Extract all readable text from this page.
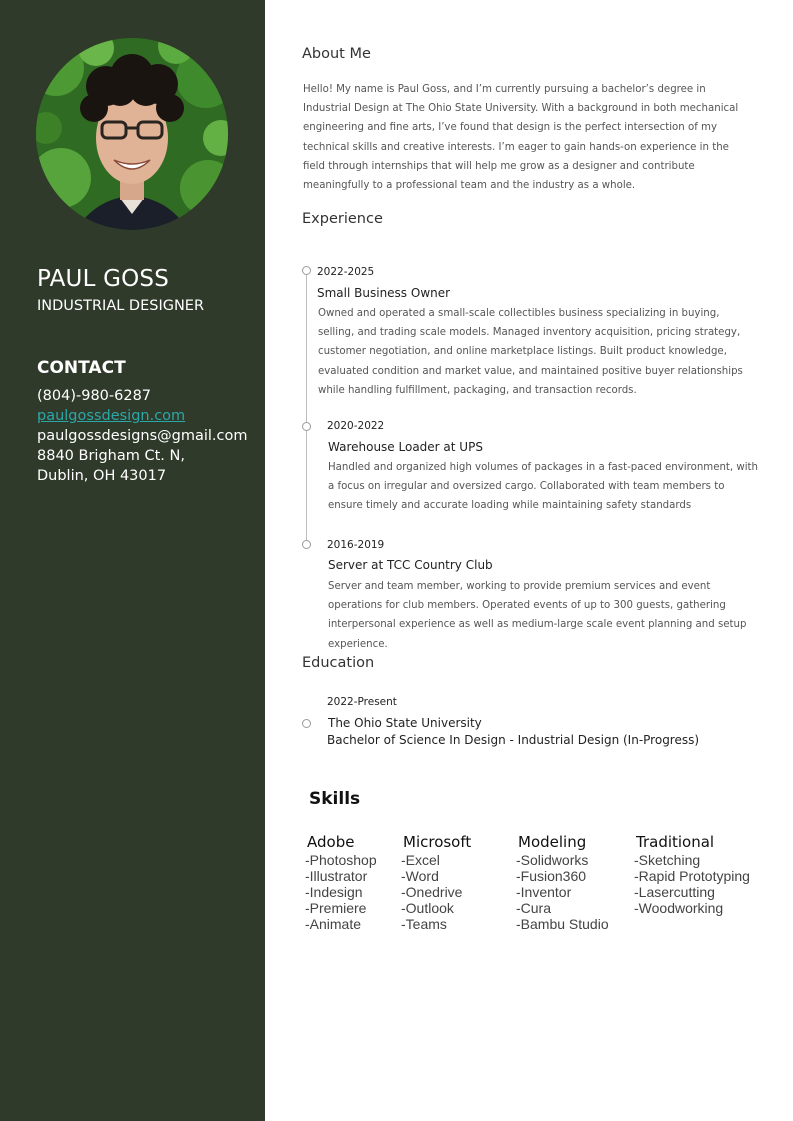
PAUL GOSS
INDUSTRIAL DESIGNER
CONTACT
(804)-980-6287
paulgossdesign.com
paulgossdesigns@gmail.com
8840 Brigham Ct. N,
Dublin, OH 43017
About Me
Hello! My name is Paul Goss, and I’m currently pursuing a bachelor’s degree in Industrial Design at The Ohio State University. With a background in both mechanical engineering and fine arts, I’ve found that design is the perfect intersection of my technical skills and creative interests. I’m eager to gain hands-on experience in the field through internships that will help me grow as a designer and contribute meaningfully to a professional team and the industry as a whole.
Experience
2022-2025
Small Business Owner
Owned and operated a small-scale collectibles business specializing in buying, selling, and trading scale models. Managed inventory acquisition, pricing strategy, customer negotiation, and online marketplace listings. Built product knowledge, evaluated condition and market value, and maintained positive buyer relationships while handling fulfillment, packaging, and transaction records.
2020-2022
Warehouse Loader at UPS
Handled and organized high volumes of packages in a fast-paced environment, with a focus on irregular and oversized cargo. Collaborated with team members to ensure timely and accurate loading while maintaining safety standards
2016-2019
Server at TCC Country Club
Server and team member, working to provide premium services and event operations for club members. Operated events of up to 300 guests, gathering interpersonal experience as well as medium-large scale event planning and setup experience.
Education
2022-Present
The Ohio State University
Bachelor of Science In Design - Industrial Design (In-Progress)
Skills
Adobe
-Photoshop
-Illustrator
-Indesign
-Premiere
-Animate
Microsoft
-Excel
-Word
-Onedrive
-Outlook
-Teams
Modeling
-Solidworks
-Fusion360
-Inventor
-Cura
-Bambu Studio
Traditional
-Sketching
-Rapid Prototyping
-Lasercutting
-Woodworking
